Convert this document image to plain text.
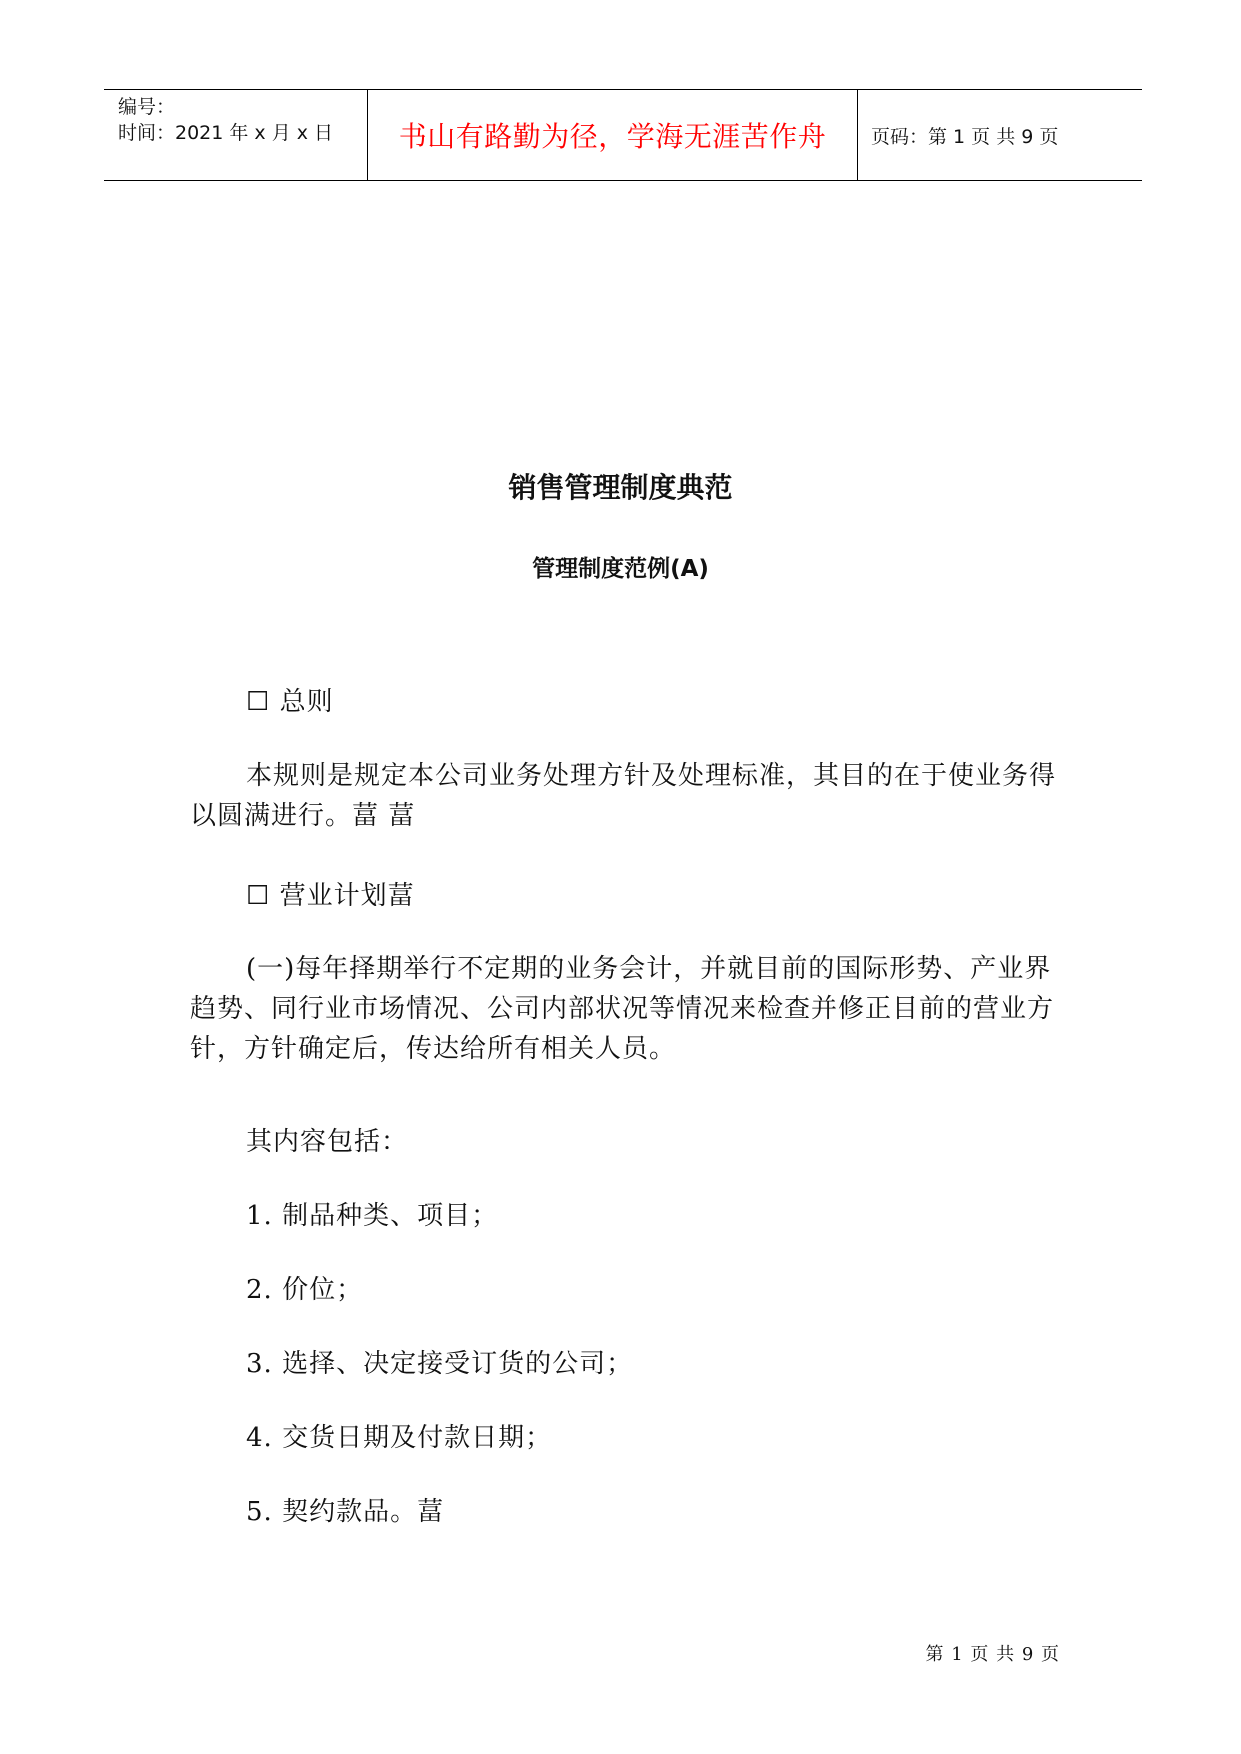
编号：
时间：2021 年 x 月 x 日 书山有路勤为径，学海无涯苦作舟 页码：第 1 页 共 9 页
销售管理制度典范
管理制度范例(A)
☐ 总则
本规则是规定本公司业务处理方针及处理标准，其目的在于使业务得以圆满进行。葍 葍
☐ 营业计划葍
(一)每年择期举行不定期的业务会计，并就目前的国际形势、产业界趋势、同行业市场情况、公司内部状况等情况来检查并修正目前的营业方针，方针确定后，传达给所有相关人员。
其内容包括：
1. 制品种类、项目；
2. 价位；
3. 选择、决定接受订货的公司；
4. 交货日期及付款日期；
5. 契约款品。葍
第 1 页 共 9 页
